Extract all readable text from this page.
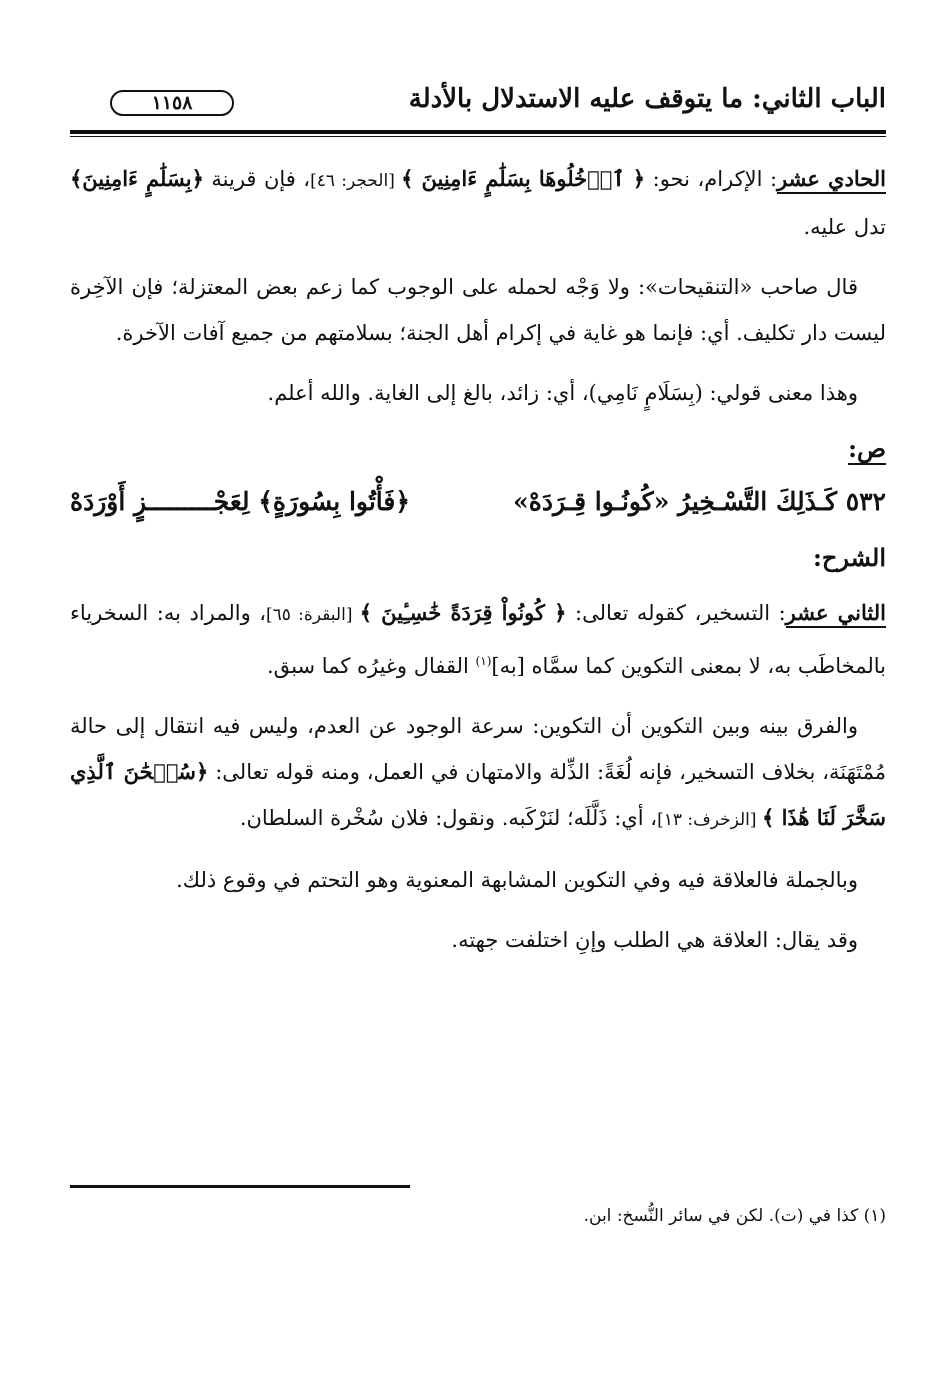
الباب الثاني: ما يتوقف عليه الاستدلال بالأدلة
١١٥٨

الحادي عشر: الإكرام، نحو: ﴿ ٱدۡخُلُوهَا بِسَلَٰمٍ ءَامِنِينَ ﴾ [الحجر: ٤٦]، فإن قرينة ﴿بِسَلَٰمٍ ءَامِنِينَ﴾ تدل عليه.

قال صاحب «التنقيحات»: ولا وَجْه لحمله على الوجوب كما زعم بعض المعتزلة؛ فإن الآخِرة ليست دار تكليف. أي: فإنما هو غاية في إكرام أهل الجنة؛ بسلامتهم من جميع آفات الآخرة.

وهذا معنى قولي: (بِسَلَامٍ نَامِي)، أي: زائد، بالغ إلى الغاية. والله أعلم.

ص:
٥٣٢ كَـذَلِكَ التَّسْـخِيرُ «كُونُـوا قِـرَدَهْ»
﴿فَأْتُوا بِسُورَةٍ﴾ لِعَجْـــــــــزٍ أَوْرَدَهْ
الشرح:

الثاني عشر: التسخير، كقوله تعالى: ﴿ كُونُواْ قِرَدَةً خَٰسِـِٔينَ ﴾ [البقرة: ٦٥]، والمراد به: السخرياء بالمخاطَب به، لا بمعنى التكوين كما سمَّاه [به]$^{(١)}$ القفال وغيرُه كما سبق.

والفرق بينه وبين التكوين أن التكوين: سرعة الوجود عن العدم، وليس فيه انتقال إلى حالة مُمْتَهَنَة، بخلاف التسخير، فإنه لُغَةً: الذِّلة والامتهان في العمل، ومنه قوله تعالى: ﴿سُبۡحَٰنَ ٱلَّذِي سَخَّرَ لَنَا هَٰذَا ﴾ [الزخرف: ١٣]، أي: ذَلَّلَه؛ لنَرْكَبه. ونقول: فلان سُخْرة السلطان.

وبالجملة فالعلاقة فيه وفي التكوين المشابهة المعنوية وهو التحتم في وقوع ذلك.

وقد يقال: العلاقة هي الطلب وإنِ اختلفت جهته.

(١) كذا في (ت). لكن في سائر النُّسخ: ابن.
